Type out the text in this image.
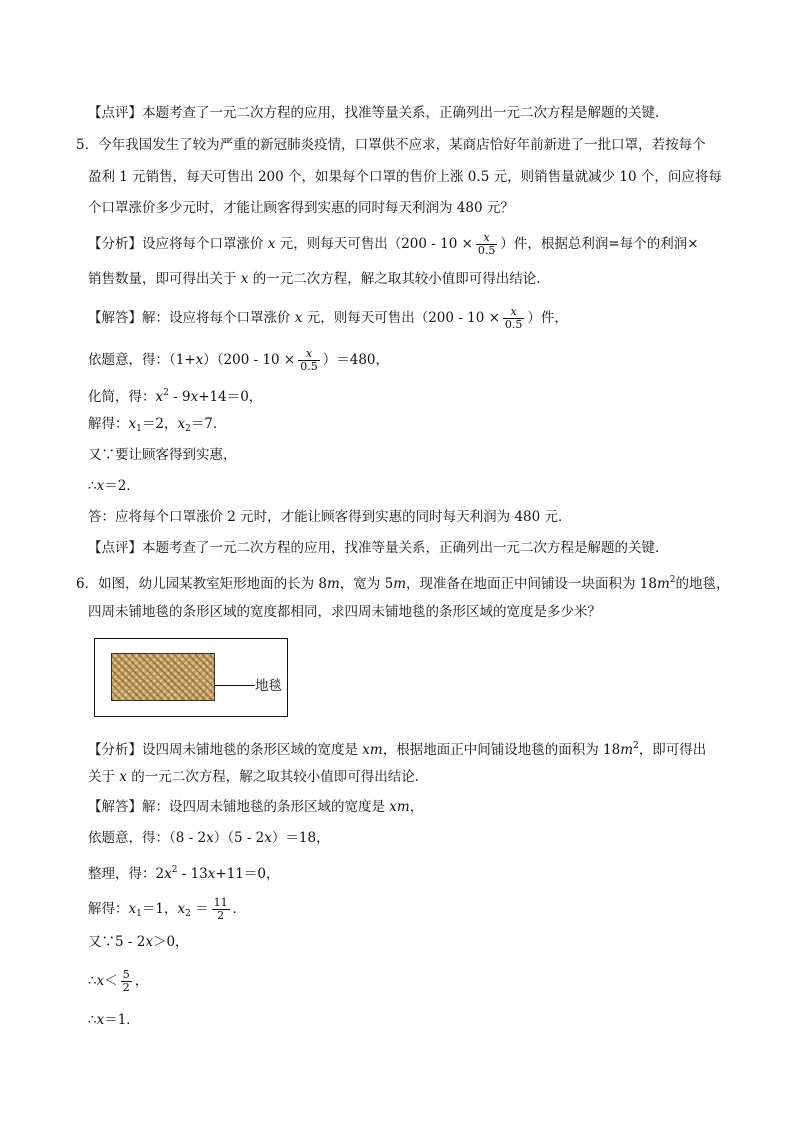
【点评】本题考查了一元二次方程的应用，找准等量关系，正确列出一元二次方程是解题的关键．
5．今年我国发生了较为严重的新冠肺炎疫情，口罩供不应求，某商店恰好年前新进了一批口罩，若按每个
盈利 1 元销售，每天可售出 200 个，如果每个口罩的售价上涨 0.5 元，则销售量就减少 10 个，问应将每
个口罩涨价多少元时，才能让顾客得到实惠的同时每天利润为 480 元？
【分析】设应将每个口罩涨价 x 元，则每天可售出（$200 - 10 \times \frac{x}{0.5}$ ）件，根据总利润=每个的利润×
销售数量，即可得出关于 x 的一元二次方程，解之取其较小值即可得出结论．
【解答】解：设应将每个口罩涨价 x 元，则每天可售出（$200 - 10 \times \frac{x}{0.5}$ ）件，
依题意，得：$(1+x)(200 - 10 \times \frac{x}{0.5} )=480$，
化简，得：$x^2 - 9x+14=0$，
解得：$x_1=2$，$x_2=7$．
又∵要让顾客得到实惠，
∴x＝2．
答：应将每个口罩涨价 2 元时，才能让顾客得到实惠的同时每天利润为 480 元．
【点评】本题考查了一元二次方程的应用，找准等量关系，正确列出一元二次方程是解题的关键．
6．如图，幼儿园某教室矩形地面的长为 8m，宽为 5m，现准备在地面正中间铺设一块面积为 $18m^2$的地毯，
四周未铺地毯的条形区域的宽度都相同，求四周未铺地毯的条形区域的宽度是多少米？
地毯
【分析】设四周未铺地毯的条形区域的宽度是 xm，根据地面正中间铺设地毯的面积为 $18m^2$，即可得出
关于 x 的一元二次方程，解之取其较小值即可得出结论．
【解答】解：设四周未铺地毯的条形区域的宽度是 xm，
依题意，得：（8 - 2x）（5 - 2x）＝18，
整理，得：$2x^2 - 13x+11=0$，
解得：$x_1=1$，$x_2 = \frac{11}{2}$ ．
又∵5 - 2x＞0，
∴x＜ $\frac{5}{2}$ ，
∴x＝1．
